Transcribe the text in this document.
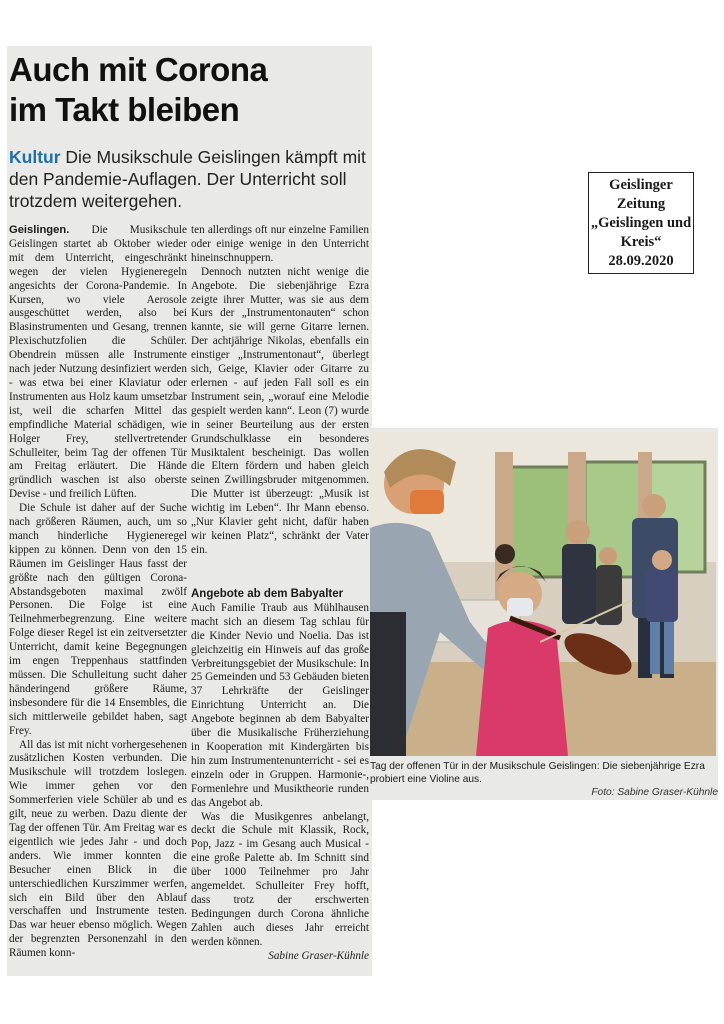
Auch mit Corona
im Takt bleiben

Kultur Die Musikschule Geislingen kämpft mit den Pandemie-Auflagen. Der Unterricht soll trotzdem weitergehen.

Geislingen. Die Musikschule Geislingen startet ab Oktober wieder mit dem Unterricht, eingeschränkt wegen der vielen Hygieneregeln angesichts der Corona-Pandemie. In Kursen, wo viele Aerosole ausgeschüttet werden, also bei Blasinstrumenten und Gesang, trennen Plexischutzfolien die Schüler. Obendrein müssen alle Instrumente nach jeder Nutzung desinfiziert werden - was etwa bei einer Klaviatur oder Instrumenten aus Holz kaum umsetzbar ist, weil die scharfen Mittel das empfindliche Material schädigen, wie Holger Frey, stellvertretender Schulleiter, beim Tag der offenen Tür am Freitag erläutert. Die Hände gründlich waschen ist also oberste Devise - und freilich Lüften.

Die Schule ist daher auf der Suche nach größeren Räumen, auch, um so manch hinderliche Hygieneregel kippen zu können. Denn von den 15 Räumen im Geislinger Haus fasst der größte nach den gültigen Corona-Abstandsgeboten maximal zwölf Personen. Die Folge ist eine Teilnehmerbegrenzung. Eine weitere Folge dieser Regel ist ein zeitversetzter Unterricht, damit keine Begegnungen im engen Treppenhaus stattfinden müssen. Die Schulleitung sucht daher händeringend größere Räume, insbesondere für die 14 Ensembles, die sich mittlerweile gebildet haben, sagt Frey.

All das ist mit nicht vorhergesehenen zusätzlichen Kosten verbunden. Die Musikschule will trotzdem loslegen. Wie immer gehen vor den Sommerferien viele Schüler ab und es gilt, neue zu werben. Dazu diente der Tag der offenen Tür. Am Freitag war es eigentlich wie jedes Jahr - und doch anders. Wie immer konnten die Besucher einen Blick in die unterschiedlichen Kurszimmer werfen, sich ein Bild über den Ablauf verschaffen und Instrumente testen. Das war heuer ebenso möglich. Wegen der begrenzten Personenzahl in den Räumen konn-

ten allerdings oft nur einzelne Familien oder einige wenige in den Unterricht hineinschnuppern.

Dennoch nutzten nicht wenige die Angebote. Die siebenjährige Ezra zeigte ihrer Mutter, was sie aus dem Kurs der „Instrumentonauten“ schon kannte, sie will gerne Gitarre lernen. Der achtjährige Nikolas, ebenfalls ein einstiger „Instrumentonaut“, überlegt sich, Geige, Klavier oder Gitarre zu erlernen - auf jeden Fall soll es ein Instrument sein, „worauf eine Melodie gespielt werden kann“. Leon (7) wurde in seiner Beurteilung aus der ersten Grundschulklasse ein besonderes Musiktalent bescheinigt. Das wollen die Eltern fördern und haben gleich seinen Zwillingsbruder mitgenommen. Die Mutter ist überzeugt: „Musik ist wichtig im Leben“. Ihr Mann ebenso. „Nur Klavier geht nicht, dafür haben wir keinen Platz“, schränkt der Vater ein.

Angebote ab dem Babyalter

Auch Familie Traub aus Mühlhausen macht sich an diesem Tag schlau für die Kinder Nevio und Noelia. Das ist gleichzeitig ein Hinweis auf das große Verbreitungsgebiet der Musikschule: In 25 Gemeinden und 53 Gebäuden bieten 37 Lehrkräfte der Geislinger Einrichtung Unterricht an. Die Angebote beginnen ab dem Babyalter über die Musikalische Früherziehung in Kooperation mit Kindergärten bis hin zum Instrumentenunterricht - sei es einzeln oder in Gruppen. Harmonie-, Formenlehre und Musiktheorie runden das Angebot ab.

Was die Musikgenres anbelangt, deckt die Schule mit Klassik, Rock, Pop, Jazz - im Gesang auch Musical - eine große Palette ab. Im Schnitt sind über 1000 Teilnehmer pro Jahr angemeldet. Schulleiter Frey hofft, dass trotz der erschwerten Bedingungen durch Corona ähnliche Zahlen auch dieses Jahr erreicht werden können.

Sabine Graser-Kühnle

Geislinger
Zeitung
„Geislingen und
Kreis“
28.09.2020
Tag der offenen Tür in der Musikschule Geislingen: Die siebenjährige Ezra probiert eine Violine aus.
Foto: Sabine Graser-Kühnle
